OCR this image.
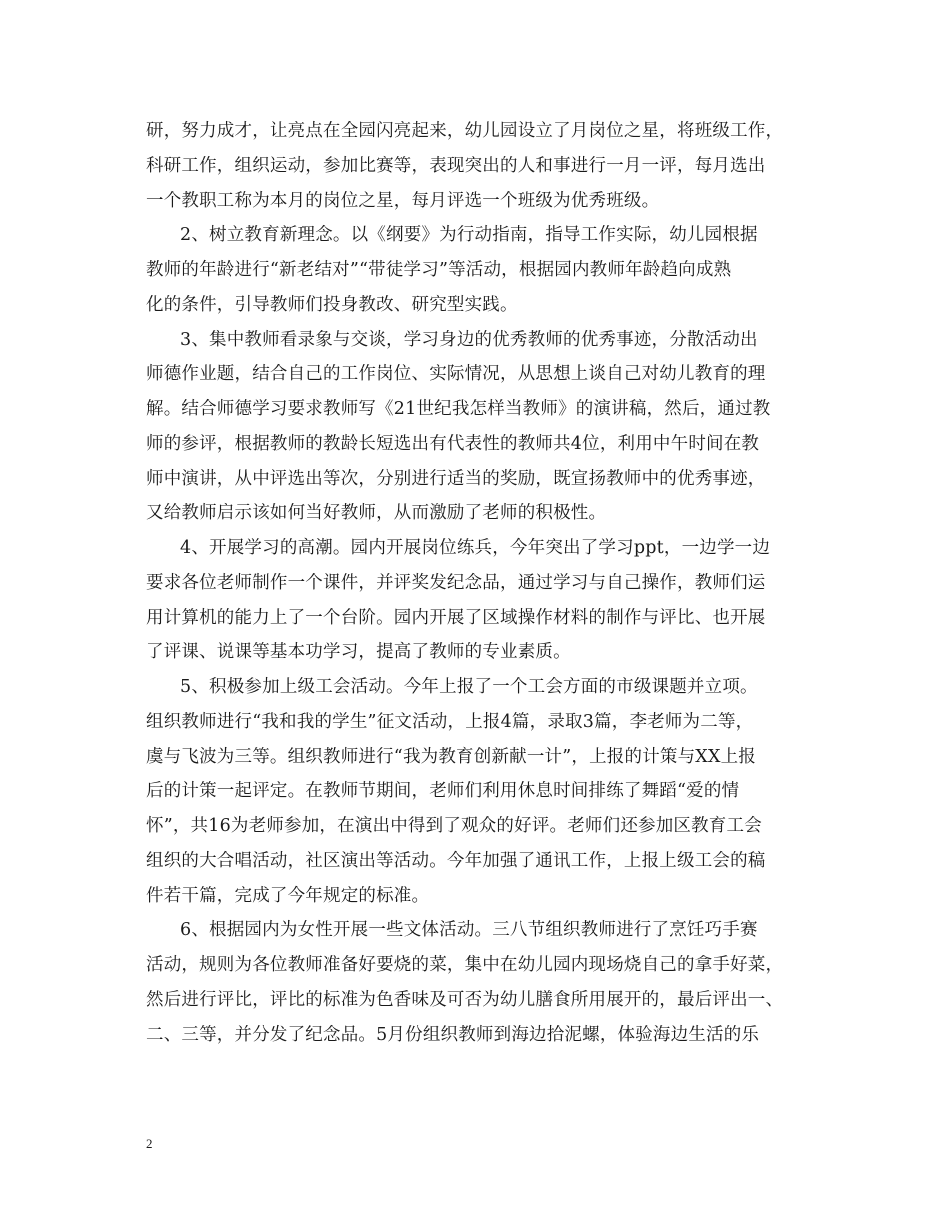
研，努力成才，让亮点在全园闪亮起来，幼儿园设立了月岗位之星，将班级工作，
科研工作，组织运动，参加比赛等，表现突出的人和事进行一月一评，每月选出
一个教职工称为本月的岗位之星，每月评选一个班级为优秀班级。
2、树立教育新理念。以《纲要》为行动指南，指导工作实际，幼儿园根据
教师的年龄进行“新老结对”“带徒学习”等活动，根据园内教师年龄趋向成熟
化的条件，引导教师们投身教改、研究型实践。
3、集中教师看录象与交谈，学习身边的优秀教师的优秀事迹，分散活动出
师德作业题，结合自己的工作岗位、实际情况，从思想上谈自己对幼儿教育的理
解。结合师德学习要求教师写《21世纪我怎样当教师》的演讲稿，然后，通过教
师的参评，根据教师的教龄长短选出有代表性的教师共4位，利用中午时间在教
师中演讲，从中评选出等次，分别进行适当的奖励，既宣扬教师中的优秀事迹，
又给教师启示该如何当好教师，从而激励了老师的积极性。
4、开展学习的高潮。园内开展岗位练兵，今年突出了学习ppt，一边学一边
要求各位老师制作一个课件，并评奖发纪念品，通过学习与自己操作，教师们运
用计算机的能力上了一个台阶。园内开展了区域操作材料的制作与评比、也开展
了评课、说课等基本功学习，提高了教师的专业素质。
5、积极参加上级工会活动。今年上报了一个工会方面的市级课题并立项。
组织教师进行“我和我的学生”征文活动，上报4篇，录取3篇，李老师为二等，
虞与飞波为三等。组织教师进行“我为教育创新献一计”，上报的计策与XX上报
后的计策一起评定。在教师节期间，老师们利用休息时间排练了舞蹈“爱的情
怀”，共16为老师参加，在演出中得到了观众的好评。老师们还参加区教育工会
组织的大合唱活动，社区演出等活动。今年加强了通讯工作，上报上级工会的稿
件若干篇，完成了今年规定的标准。
6、根据园内为女性开展一些文体活动。三八节组织教师进行了烹饪巧手赛
活动，规则为各位教师准备好要烧的菜，集中在幼儿园内现场烧自己的拿手好菜，
然后进行评比，评比的标准为色香味及可否为幼儿膳食所用展开的，最后评出一、
二、三等，并分发了纪念品。5月份组织教师到海边拾泥螺，体验海边生活的乐
2
